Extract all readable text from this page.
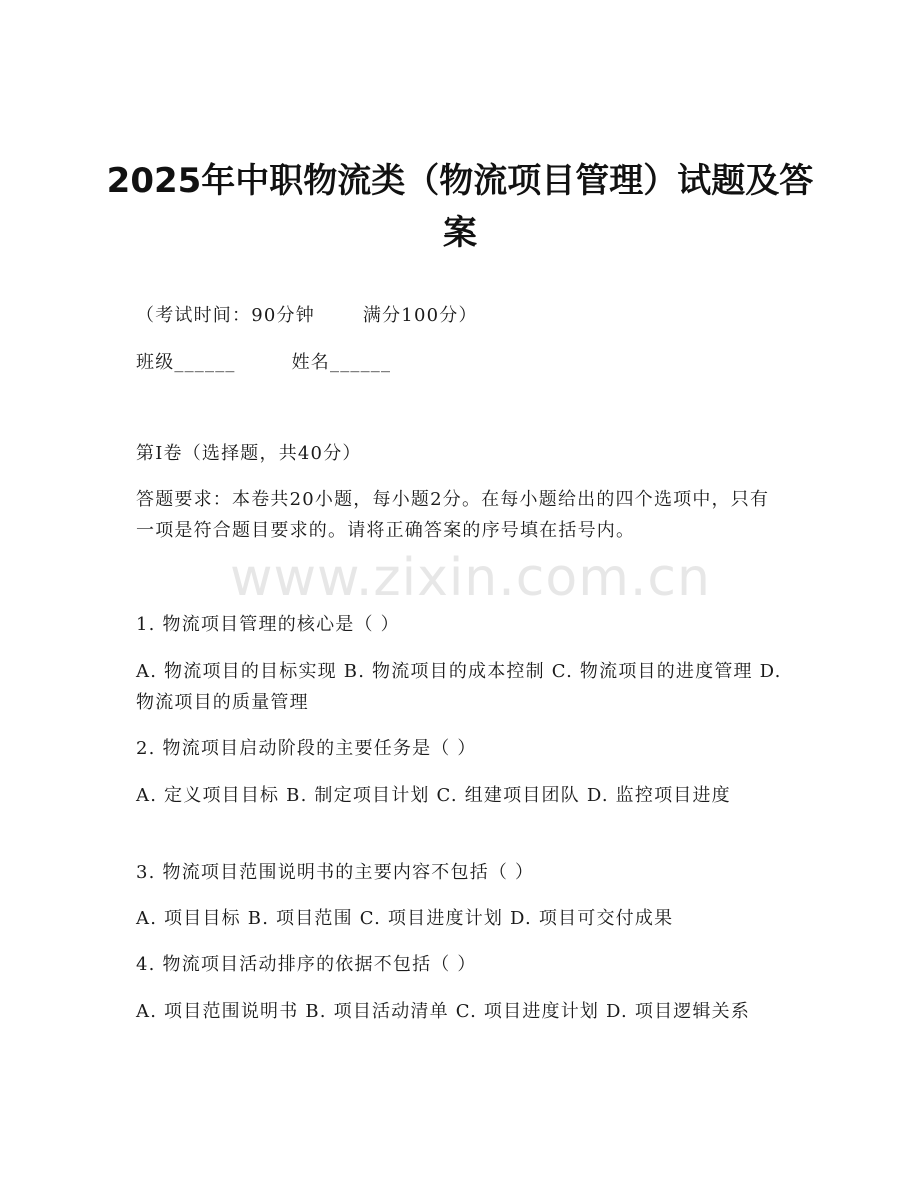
2025年中职物流类（物流项目管理）试题及答案
（考试时间：90分钟	满分100分）
班级______	姓名______
第I卷（选择题，共40分）
答题要求：本卷共20小题，每小题2分。在每小题给出的四个选项中，只有一项是符合题目要求的。请将正确答案的序号填在括号内。
www.zixin.com.cn
1. 物流项目管理的核心是（ ）
A. 物流项目的目标实现 B. 物流项目的成本控制 C. 物流项目的进度管理 D. 物流项目的质量管理
2. 物流项目启动阶段的主要任务是（ ）
A. 定义项目目标 B. 制定项目计划 C. 组建项目团队 D. 监控项目进度
3. 物流项目范围说明书的主要内容不包括（ ）
A. 项目目标 B. 项目范围 C. 项目进度计划 D. 项目可交付成果
4. 物流项目活动排序的依据不包括（ ）
A. 项目范围说明书 B. 项目活动清单 C. 项目进度计划 D. 项目逻辑关系
